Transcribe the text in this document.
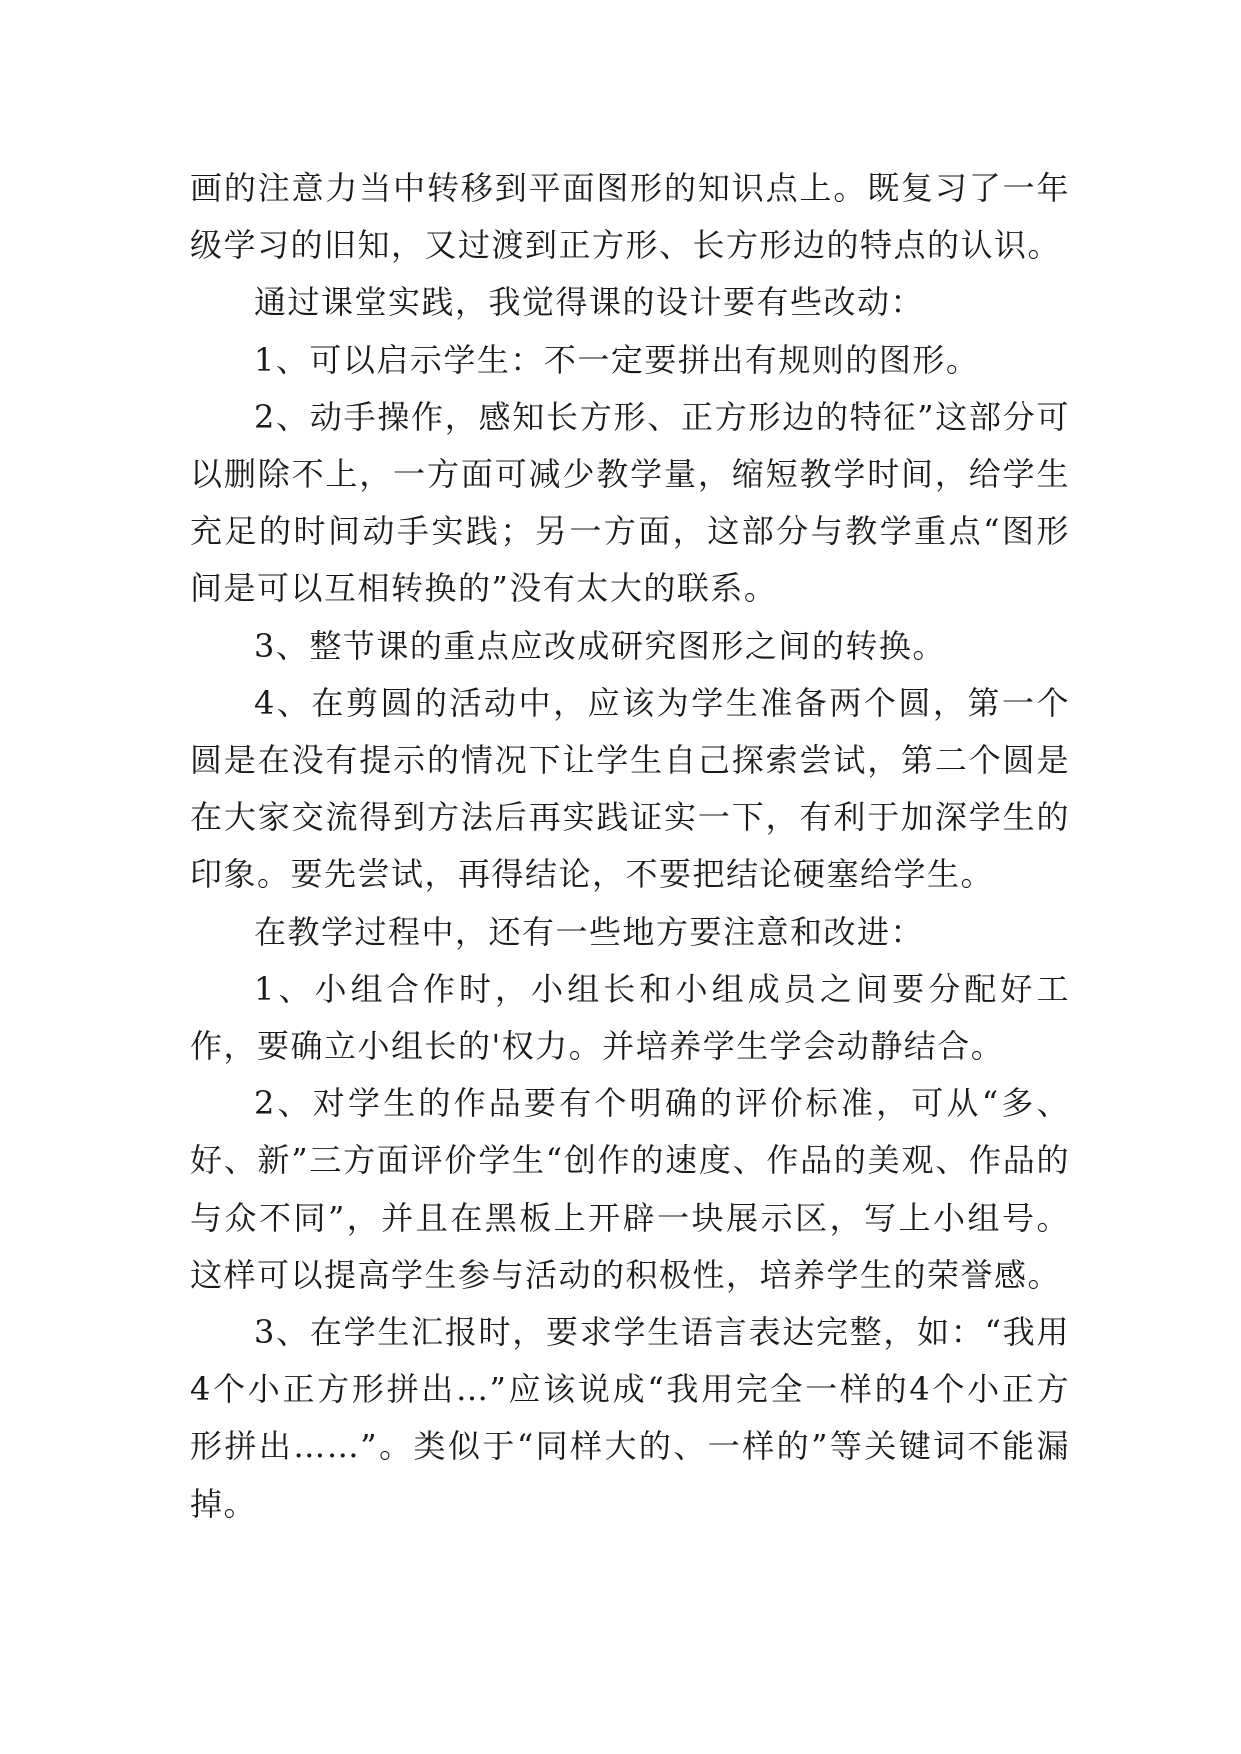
画的注意力当中转移到平面图形的知识点上。既复习了一年级学习的旧知，又过渡到正方形、长方形边的特点的认识。

通过课堂实践，我觉得课的设计要有些改动：

1、可以启示学生：不一定要拼出有规则的图形。

2、动手操作，感知长方形、正方形边的特征”这部分可以删除不上，一方面可减少教学量，缩短教学时间，给学生充足的时间动手实践；另一方面，这部分与教学重点“图形间是可以互相转换的”没有太大的联系。

3、整节课的重点应改成研究图形之间的转换。

4、在剪圆的活动中，应该为学生准备两个圆，第一个圆是在没有提示的情况下让学生自己探索尝试，第二个圆是在大家交流得到方法后再实践证实一下，有利于加深学生的印象。要先尝试，再得结论，不要把结论硬塞给学生。

在教学过程中，还有一些地方要注意和改进：

1、小组合作时，小组长和小组成员之间要分配好工作，要确立小组长的'权力。并培养学生学会动静结合。

2、对学生的作品要有个明确的评价标准，可从“多、好、新”三方面评价学生“创作的速度、作品的美观、作品的与众不同”，并且在黑板上开辟一块展示区，写上小组号。这样可以提高学生参与活动的积极性，培养学生的荣誉感。

3、在学生汇报时，要求学生语言表达完整，如：“我用4个小正方形拼出…”应该说成“我用完全一样的4个小正方形拼出……”。类似于“同样大的、一样的”等关键词不能漏掉。
